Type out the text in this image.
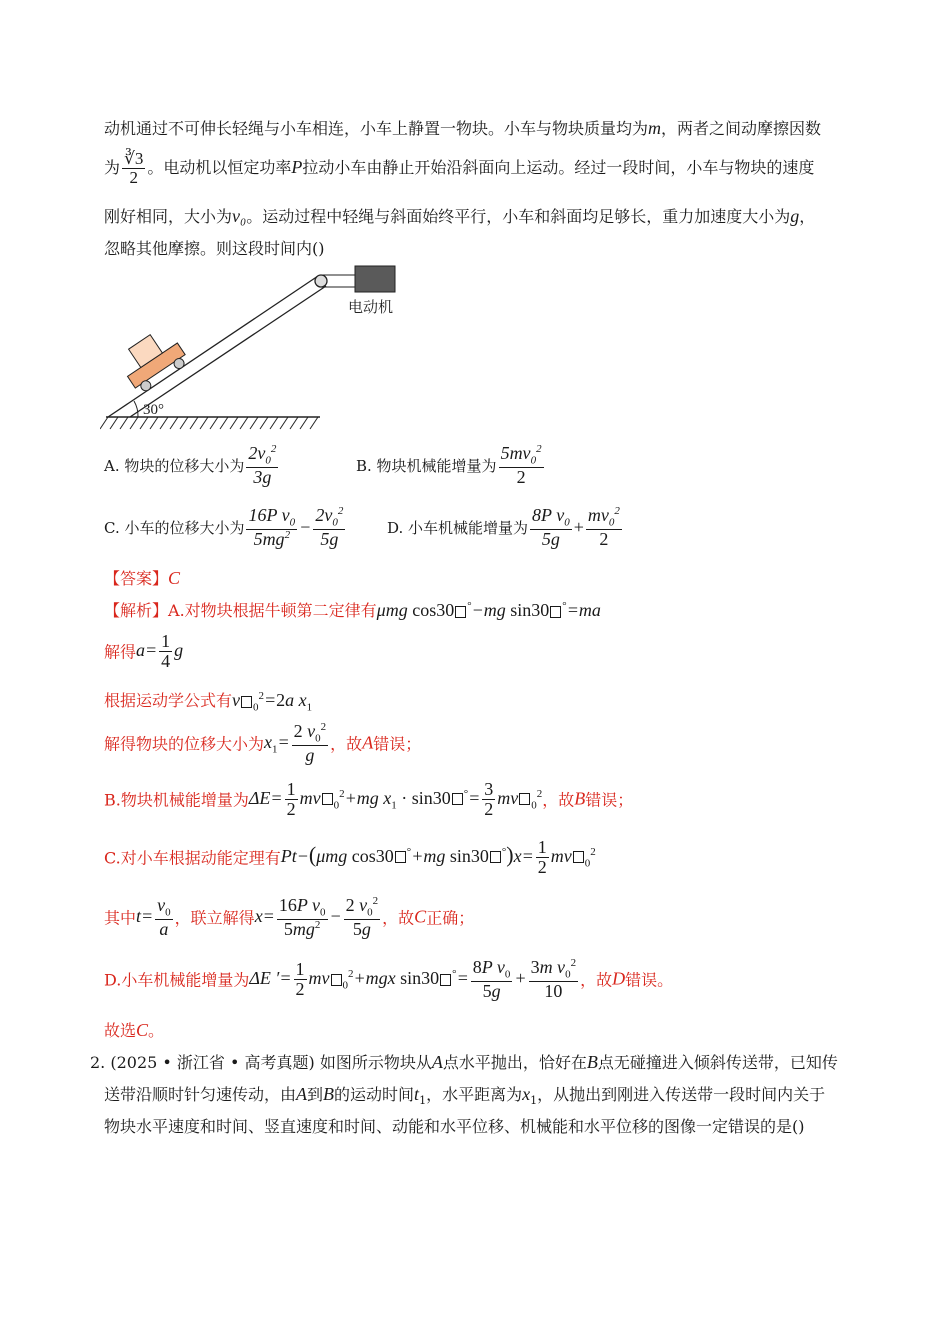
动机通过不可伸长轻绳与小车相连，小车上静置一物块。小车与物块质量均为m，两者之间动摩擦因数
为 $\frac{∛3}{2}$ 。电动机以恒定功率P拉动小车由静止开始沿斜面向上运动。经过一段时间，小车与物块的速度
刚好相同，大小为v₀。运动过程中轻绳与斜面始终平行，小车和斜面均足够长，重力加速度大小为g，
忽略其他摩擦。则这段时间内()
30°
电动机
A. 物块的位移大小为 $\frac{2v_0^2}{3g}$	B. 物块机械能增量为 $\frac{5mv_0^2}{2}$
C. 小车的位移大小为 $\frac{16P v_0}{5mg^2} - \frac{2v_0^2}{5g}$	D. 小车机械能增量为 $\frac{8P v_0}{5g} + \frac{mv_0^2}{2}$
【答案】C
【解析】A.对物块根据牛顿第二定律有μmg cos30 °−mg sin30 °=ma
解得$a= \frac{1}{4}$ g
根据运动学公式有v $_0^2$=2a $x_1$
解得物块的位移大小为$x_1= \frac{2 v_0^2}{g}$ ，故A错误；
B.物块机械能增量为$\Delta E= \frac{1}{2}$ mv $_0^2$+mg $x_1 \cdot \sin 30$ $^\circ= \frac{3}{2}$ mv $_0^2$，故B错误；
C.对小车根据动能定理有Pt−(μmg cos30 °+mg sin30 $^\circ)x= \frac{1}{2}$ mv $_0^2$
其中$t= \frac{v_0}{a}$ ，联立解得$x= \frac{16P v_0}{5mg^2} - \frac{2 v_0^2}{5g}$ ，故C正确；
D.小车机械能增量为ΔE ′= $\frac{1}{2}$ mv $_0^2$+mgx sin30 $^\circ= \frac{8P v_0}{5g} + \frac{3m v_0^2}{10}$ ，故D错误。
故选C。
2. (2025 • 浙江省 • 高考真题) 如图所示物块从A点水平抛出，恰好在B点无碰撞进入倾斜传送带，已知传
送带沿顺时针匀速传动，由A到B的运动时间$t_1$，水平距离为$x_1$，从抛出到刚进入传送带一段时间内关于
物块水平速度和时间、竖直速度和时间、动能和水平位移、机械能和水平位移的图像一定错误的是()
